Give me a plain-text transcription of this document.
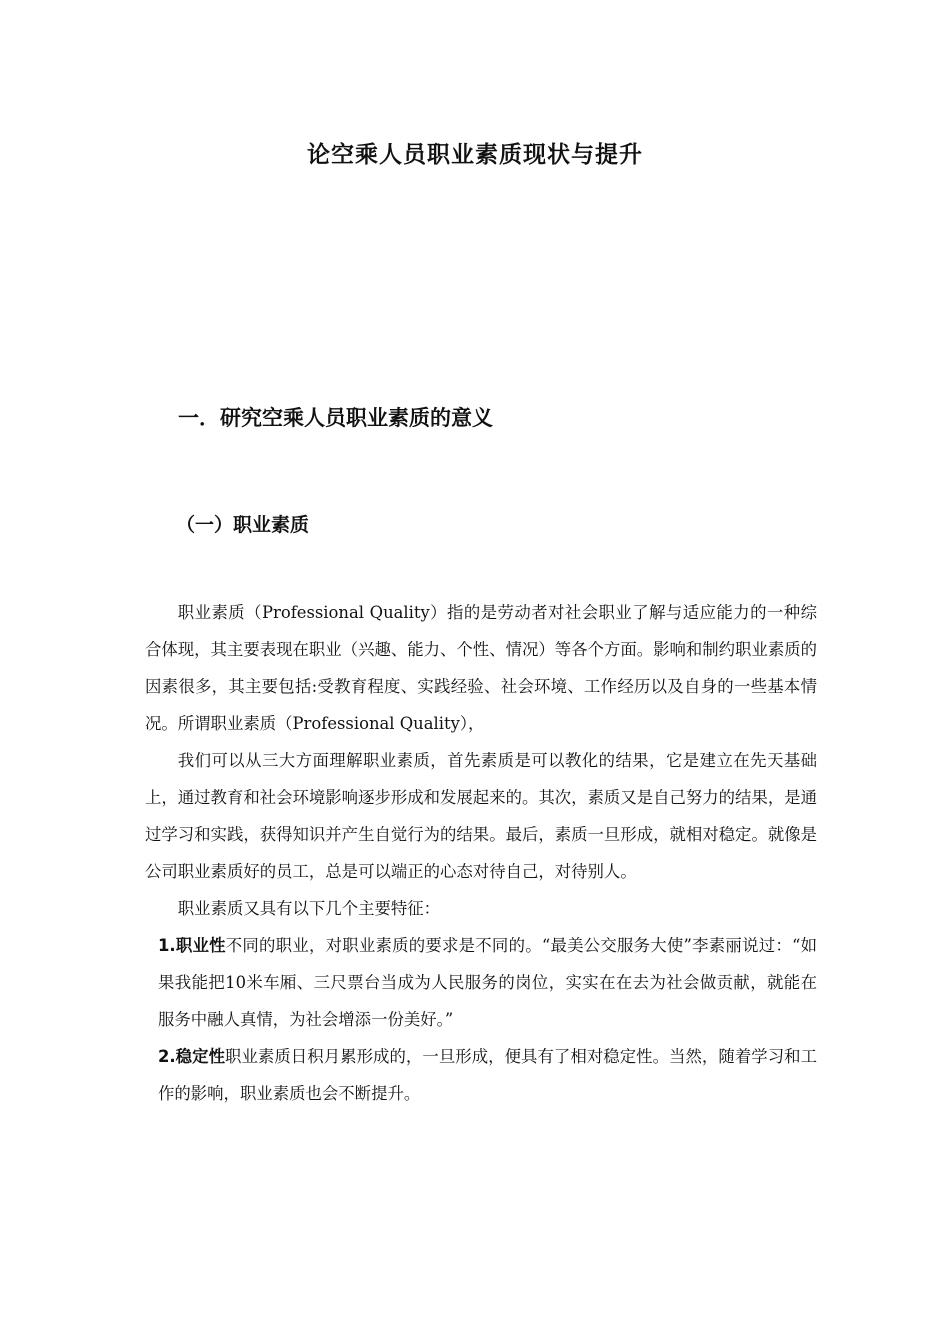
论空乘人员职业素质现状与提升
一．研究空乘人员职业素质的意义
（一）职业素质

职业素质（Professional Quality）指的是劳动者对社会职业了解与适应能力的一种综合体现，其主要表现在职业（兴趣、能力、个性、情况）等各个方面。影响和制约职业素质的因素很多，其主要包括:受教育程度、实践经验、社会环境、工作经历以及自身的一些基本情况。所谓职业素质（Professional Quality），

我们可以从三大方面理解职业素质，首先素质是可以教化的结果，它是建立在先天基础上，通过教育和社会环境影响逐步形成和发展起来的。其次，素质又是自己努力的结果，是通过学习和实践，获得知识并产生自觉行为的结果。最后，素质一旦形成，就相对稳定。就像是公司职业素质好的员工，总是可以端正的心态对待自己，对待别人。

职业素质又具有以下几个主要特征：

1.职业性不同的职业，对职业素质的要求是不同的。“最美公交服务大使”李素丽说过：“如果我能把10米车厢、三尺票台当成为人民服务的岗位，实实在在去为社会做贡献，就能在服务中融人真情，为社会增添一份美好。”

2.稳定性职业素质日积月累形成的，一旦形成，便具有了相对稳定性。当然，随着学习和工作的影响，职业素质也会不断提升。
